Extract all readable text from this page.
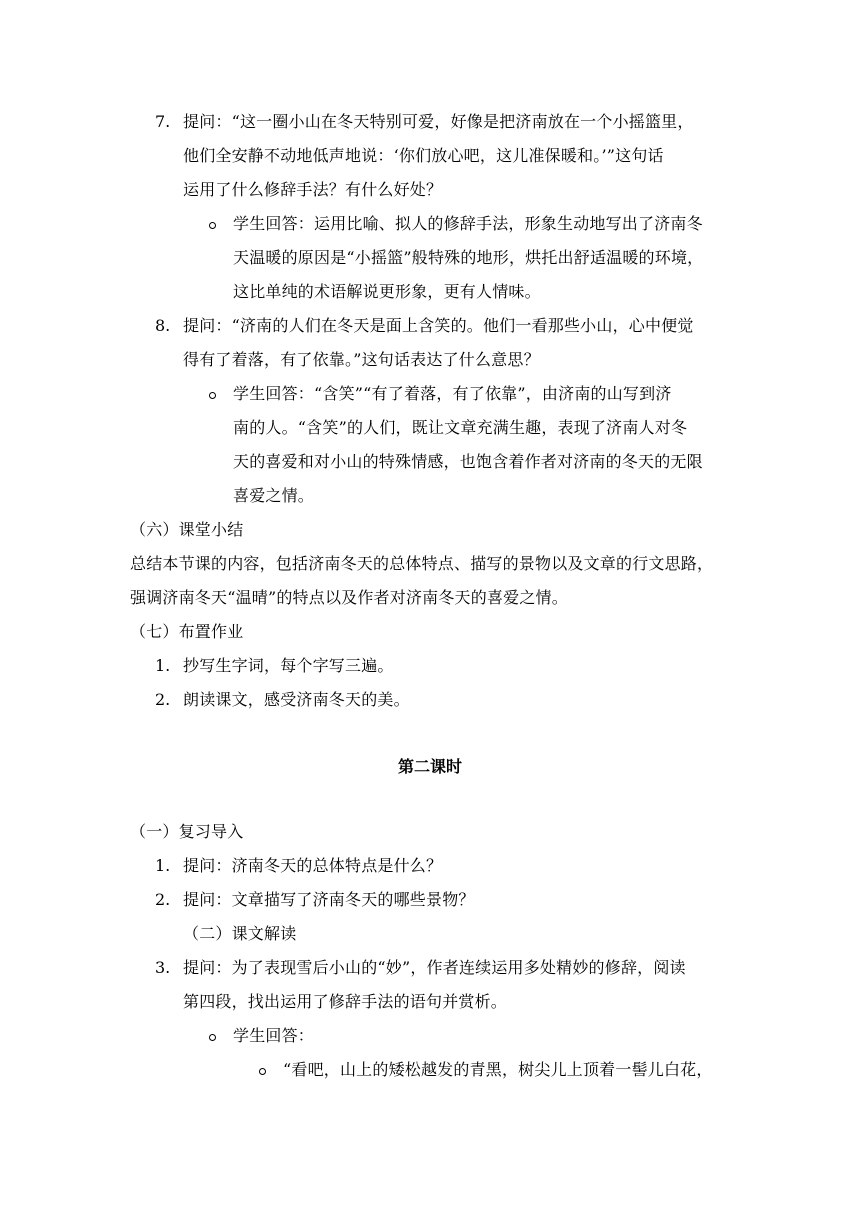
7. 提问：“这一圈小山在冬天特别可爱，好像是把济南放在一个小摇篮里，
他们全安静不动地低声地说：‘你们放心吧，这儿准保暖和。’”这句话
运用了什么修辞手法？有什么好处？
学生回答：运用比喻、拟人的修辞手法，形象生动地写出了济南冬
天温暖的原因是“小摇篮”般特殊的地形，烘托出舒适温暖的环境，
这比单纯的术语解说更形象，更有人情味。
8. 提问：“济南的人们在冬天是面上含笑的。他们一看那些小山，心中便觉
得有了着落，有了依靠。”这句话表达了什么意思？
学生回答：“含笑”“有了着落，有了依靠”，由济南的山写到济
南的人。“含笑”的人们，既让文章充满生趣，表现了济南人对冬
天的喜爱和对小山的特殊情感，也饱含着作者对济南的冬天的无限
喜爱之情。
（六）课堂小结
总结本节课的内容，包括济南冬天的总体特点、描写的景物以及文章的行文思路，
强调济南冬天“温晴”的特点以及作者对济南冬天的喜爱之情。
（七）布置作业
1. 抄写生字词，每个字写三遍。
2. 朗读课文，感受济南冬天的美。
第二课时
（一）复习导入
1. 提问：济南冬天的总体特点是什么？
2. 提问：文章描写了济南冬天的哪些景物？
（二）课文解读
3. 提问：为了表现雪后小山的“妙”，作者连续运用多处精妙的修辞，阅读
第四段，找出运用了修辞手法的语句并赏析。
学生回答：
“看吧，山上的矮松越发的青黑，树尖儿上顶着一髻儿白花，
